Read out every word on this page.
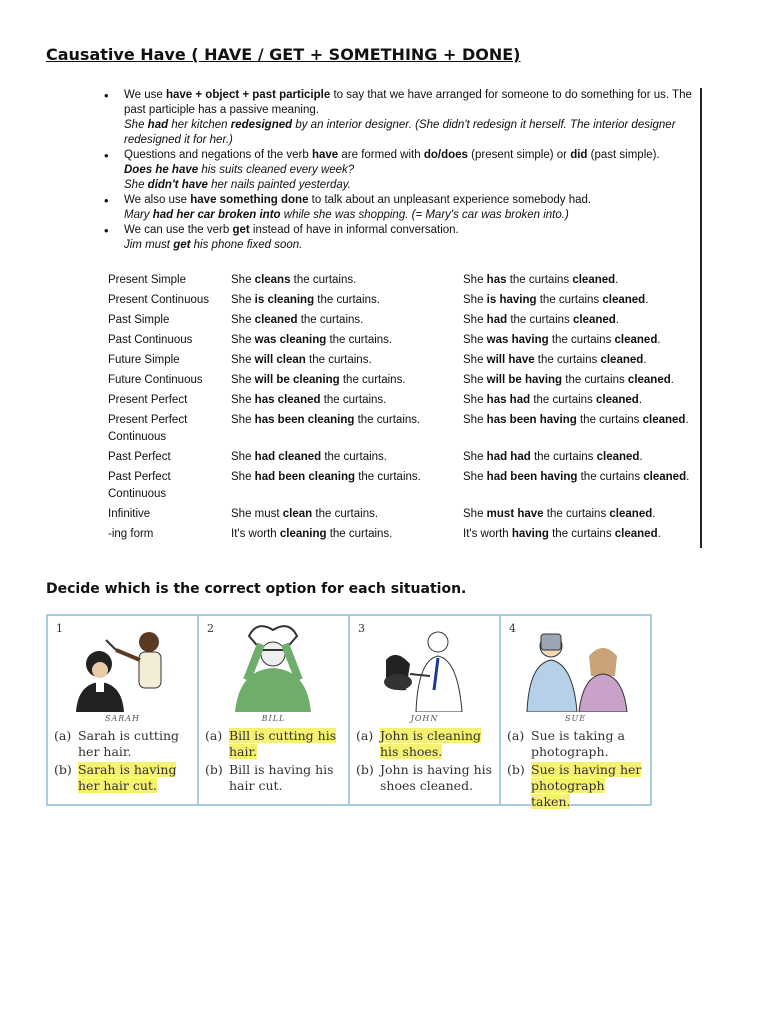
Causative Have ( HAVE / GET + SOMETHING + DONE)
• We use have + object + past participle to say that we have arranged for someone to do something for us. The past participle has a passive meaning.
She had her kitchen redesigned by an interior designer. (She didn't redesign it herself. The interior designer redesigned it for her.)
• Questions and negations of the verb have are formed with do/does (present simple) or did (past simple).
Does he have his suits cleaned every week?
She didn't have her nails painted yesterday.
• We also use have something done to talk about an unpleasant experience somebody had.
Mary had her car broken into while she was shopping. (= Mary's car was broken into.)
• We can use the verb get instead of have in informal conversation.
Jim must get his phone fixed soon.
Present Simple	She cleans the curtains.	She has the curtains cleaned.
Present Continuous	She is cleaning the curtains.	She is having the curtains cleaned.
Past Simple	She cleaned the curtains.	She had the curtains cleaned.
Past Continuous	She was cleaning the curtains.	She was having the curtains cleaned.
Future Simple	She will clean the curtains.	She will have the curtains cleaned.
Future Continuous	She will be cleaning the curtains.	She will be having the curtains cleaned.
Present Perfect	She has cleaned the curtains.	She has had the curtains cleaned.
Present Perfect Continuous
She has been cleaning the curtains.	She has been having the curtains cleaned.
Past Perfect	She had cleaned the curtains.	She had had the curtains cleaned.
Past Perfect Continuous
She had been cleaning the curtains.	She had been having the curtains cleaned.
Infinitive	She must clean the curtains.	She must have the curtains cleaned.
-ing form	It's worth cleaning the curtains.	It's worth having the curtains cleaned.
Decide which is the correct option for each situation.
1
SARAH
(a) Sarah is cutting her hair.
(b) Sarah is having her hair cut.
2
BILL
(a) Bill is cutting his hair.
(b) Bill is having his hair cut.
3
JOHN
(a) John is cleaning his shoes.
(b) John is having his shoes cleaned.
4
SUE
(a) Sue is taking a photograph.
(b) Sue is having her photograph taken.
